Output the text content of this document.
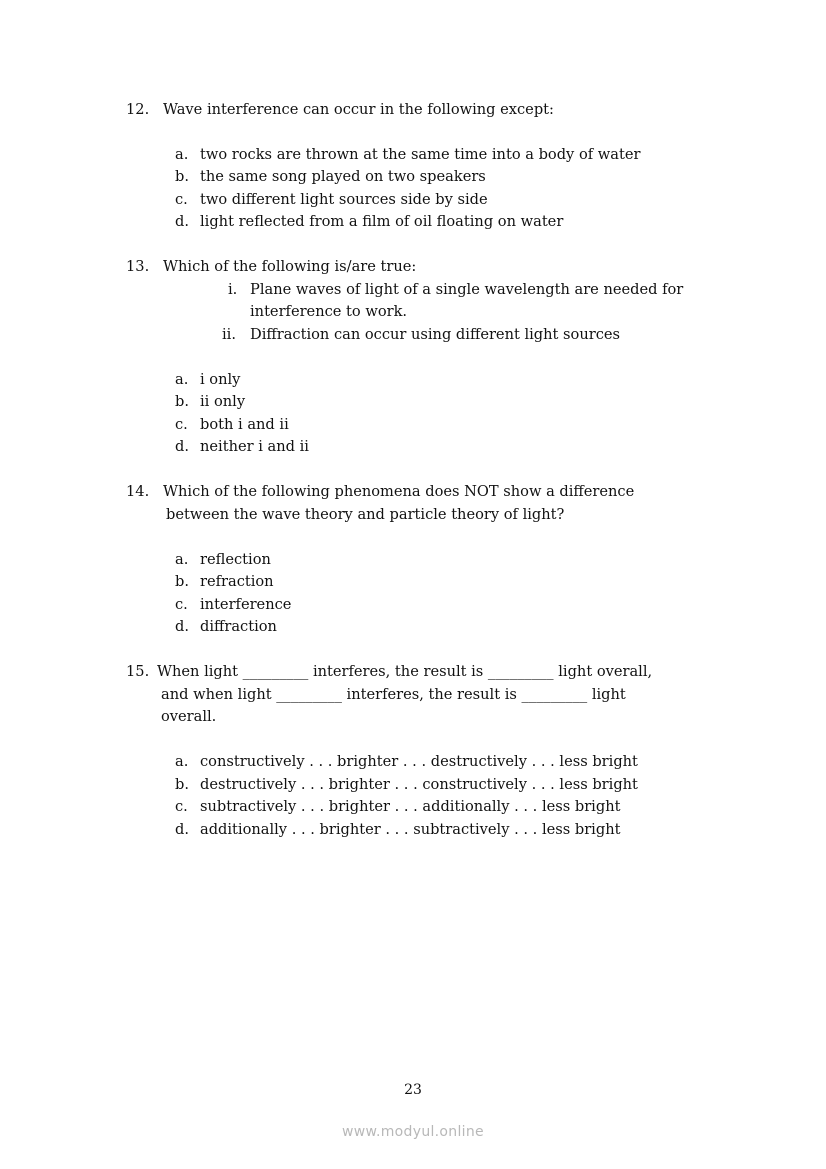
12. Wave interference can occur in the following except:
a. two rocks are thrown at the same time into a body of water
b. the same song played on two speakers
c. two different light sources side by side
d. light reflected from a film of oil floating on water
13. Which of the following is/are true:
i. Plane waves of light of a single wavelength are needed for
interference to work.
ii. Diffraction can occur using different light sources
a. i only
b. ii only
c. both i and ii
d. neither i and ii
14. Which of the following phenomena does NOT show a difference
between the wave theory and particle theory of light?
a. reflection
b. refraction
c. interference
d. diffraction
15. When light _________ interferes, the result is _________ light overall,
and when light _________ interferes, the result is _________ light
overall.
a. constructively . . . brighter . . . destructively . . . less bright
b. destructively . . . brighter . . . constructively . . . less bright
c. subtractively . . . brighter . . . additionally . . . less bright
d. additionally . . . brighter . . . subtractively . . . less bright
23
www.modyul.online
